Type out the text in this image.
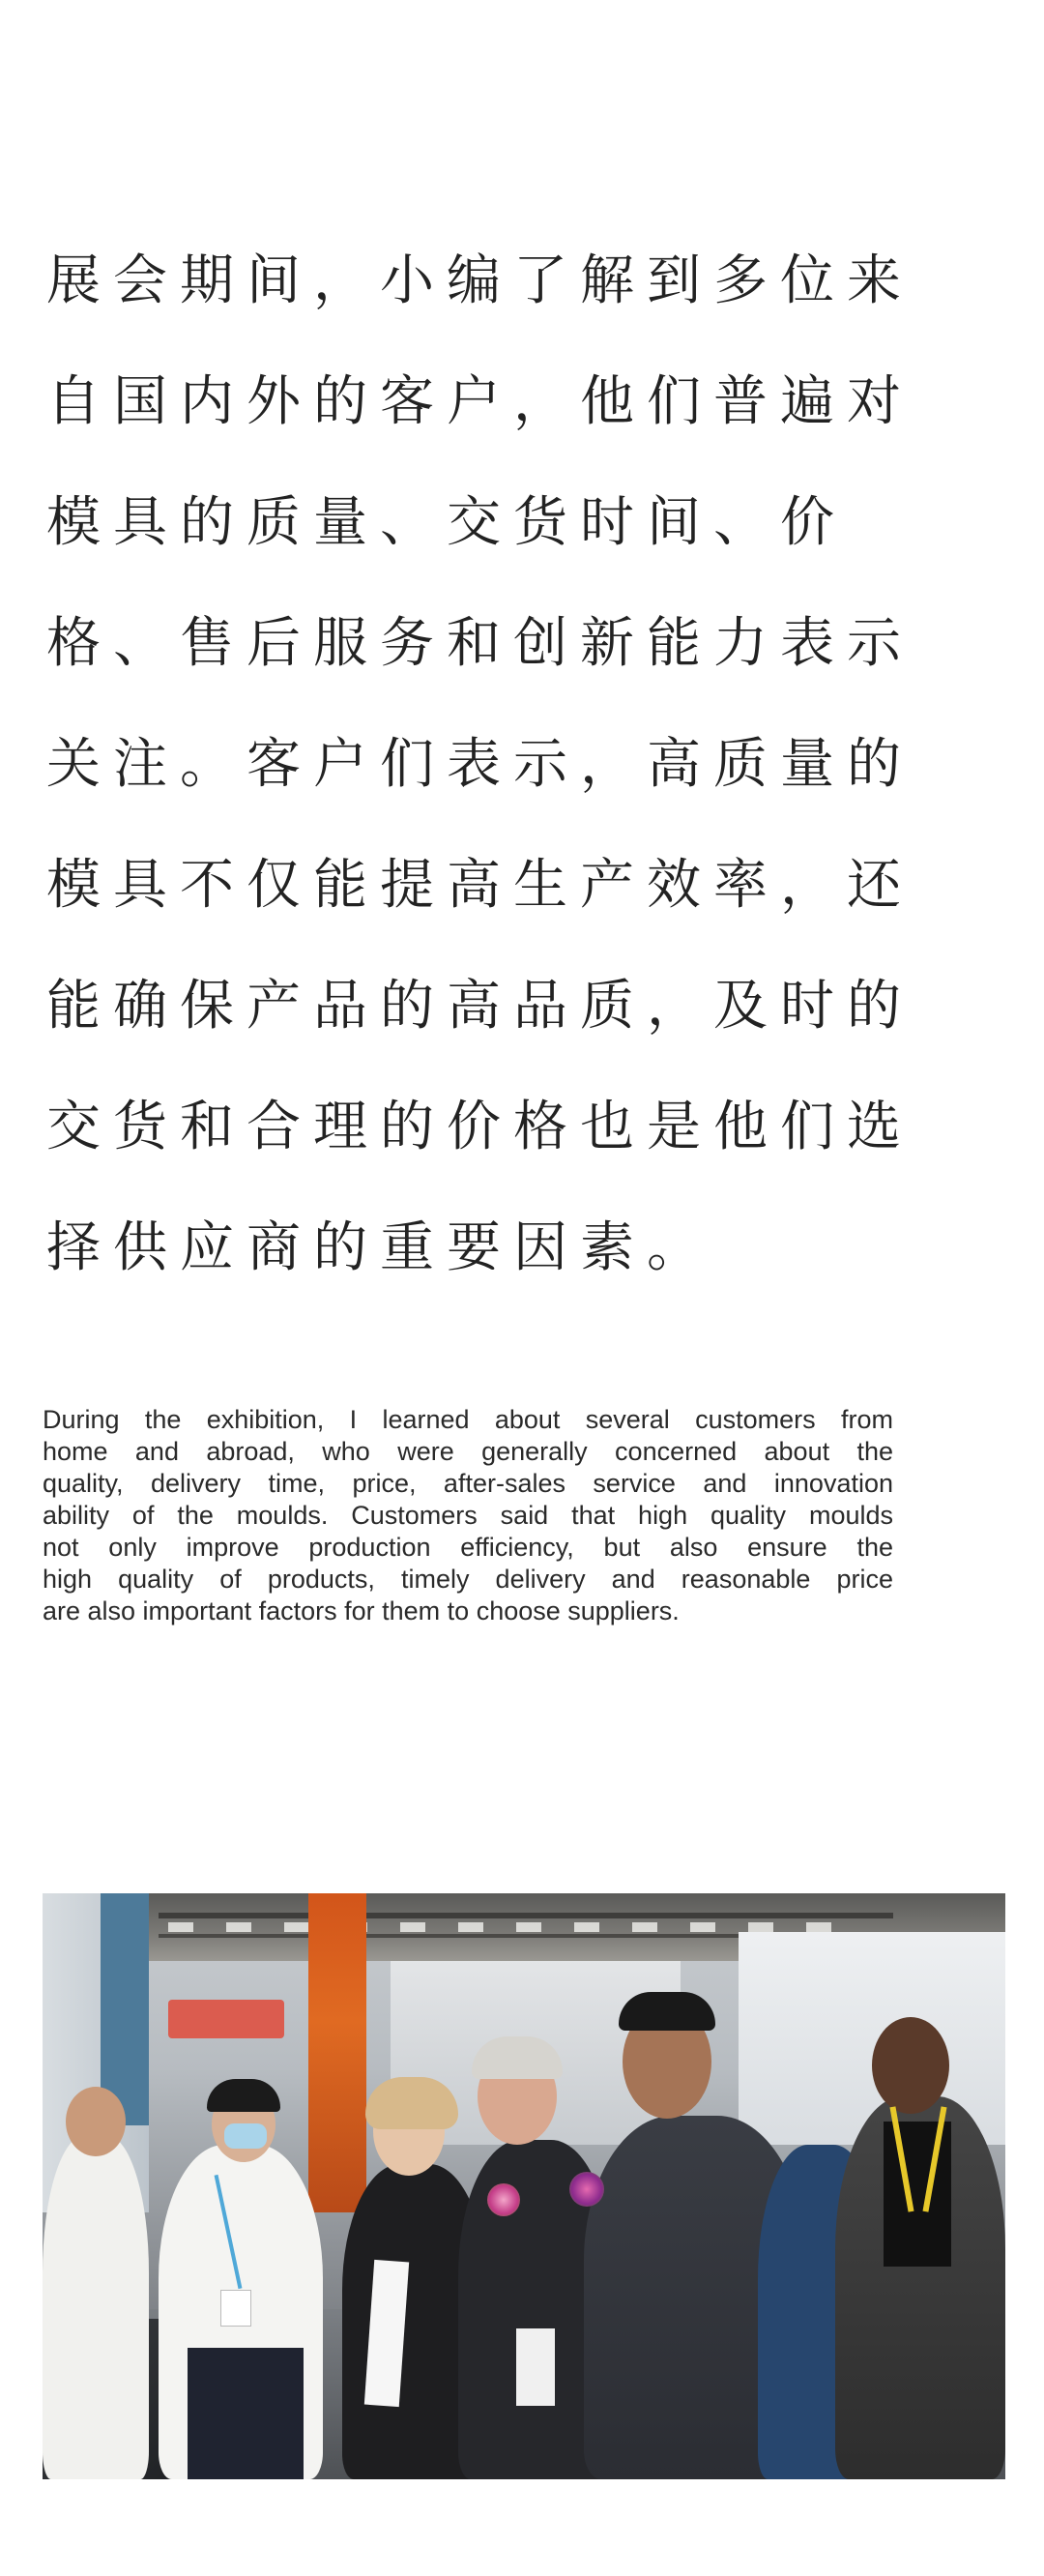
展会期间，小编了解到多位来
自国内外的客户，他们普遍对
模具的质量、交货时间、价
格、售后服务和创新能力表示
关注。客户们表示，高质量的
模具不仅能提高生产效率，还
能确保产品的高品质，及时的
交货和合理的价格也是他们选
择供应商的重要因素。
During the exhibition, I learned about several customers from
home and abroad, who were generally concerned about the
quality, delivery time, price, after-sales service and innovation
ability of the moulds. Customers said that high quality moulds
not only improve production efficiency, but also ensure the
high quality of products, timely delivery and reasonable price
are also important factors for them to choose suppliers.
